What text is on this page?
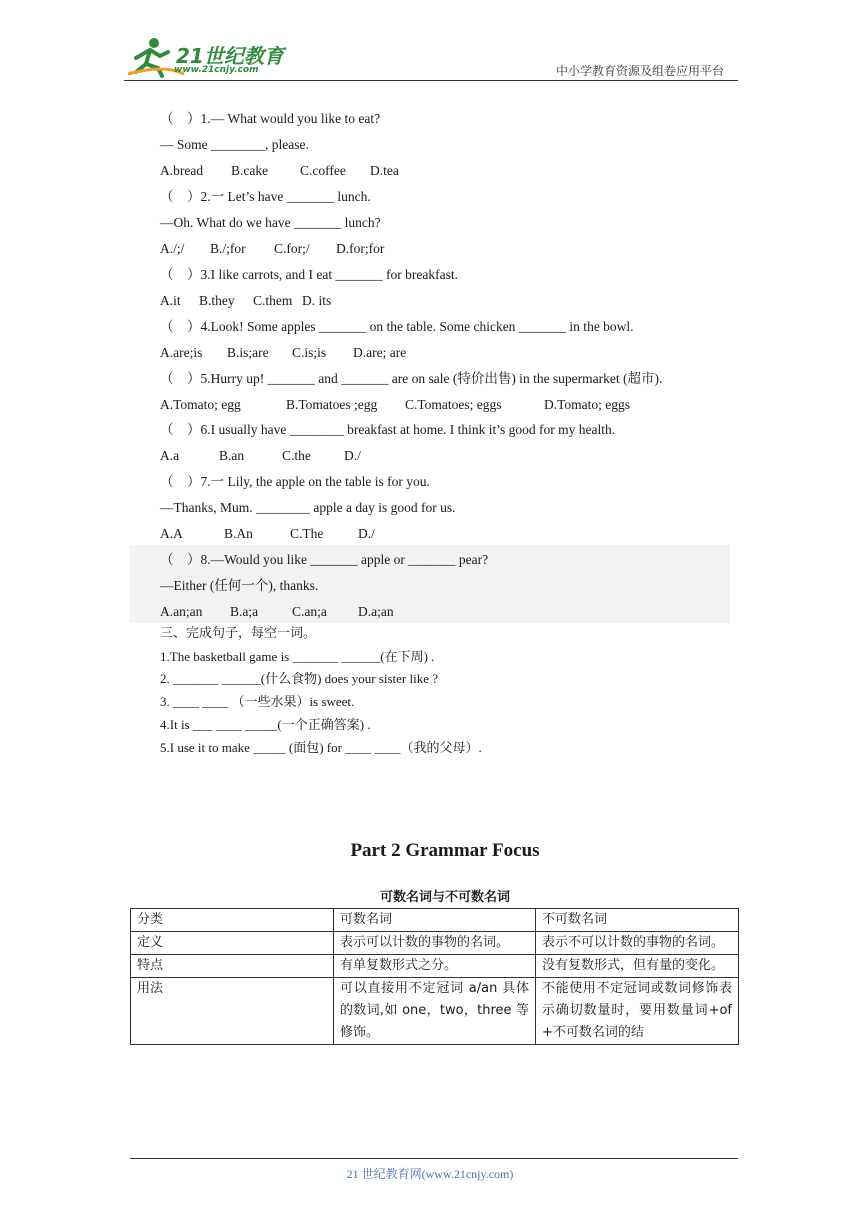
21世纪教育
www.21cnjy.com	中小学教育资源及组卷应用平台
（　）1.— What would you like to eat?
— Some ________, please.
A.bread B.cake C.coffee D.tea
（　）2.一 Let’s have _______ lunch.
—Oh. What do we have _______ lunch?
A./;/ B./;for C.for;/ D.for;for
（　）3.I like carrots, and I eat _______ for breakfast.
A.it B.they C.them D. its
（　）4.Look! Some apples _______ on the table. Some chicken _______ in the bowl.
A.are;is B.is;are C.is;is D.are; are
（　）5.Hurry up! _______ and _______ are on sale (特价出售) in the supermarket (超市).
A.Tomato; egg	B.Tomatoes ;egg C.Tomatoes; eggs	D.Tomato; eggs
（　）6.I usually have ________ breakfast at home. I think it’s good for my health.
A.a	B.an	C.the D./
（　）7.一 Lily, the apple on the table is for you.
—Thanks, Mum. ________ apple a day is good for us.
A.A	B.An	C.The	D./
（　）8.—Would you like _______ apple or _______ pear?
—Either (任何一个), thanks.
A.an;an B.a;a	C.an;a D.a;an
三、完成句子，每空一词。
1.The basketball game is _______ ______(在下周) .
2. _______ ______(什么食物) does your sister like ?
3. ____ ____ （一些水果）is sweet.
4.It is ___ ____ _____(一个正确答案) .
5.I use it to make _____ (面包) for ____ ____（我的父母）.
Part 2 Grammar Focus
可数名词与不可数名词
分类	可数名词	不可数名词
定义	表示可以计数的事物的名词。	表示不可以计数的事物的名词。
特点	有单复数形式之分。	没有复数形式，但有量的变化。
用法	可以直接用不定冠词 a/an 具体的数词,如 one，two，three 等修饰。	不能使用不定冠词或数词修饰表示确切数量时，要用数量词+of+不可数名词的结
21 世纪教育网(www.21cnjy.com)
